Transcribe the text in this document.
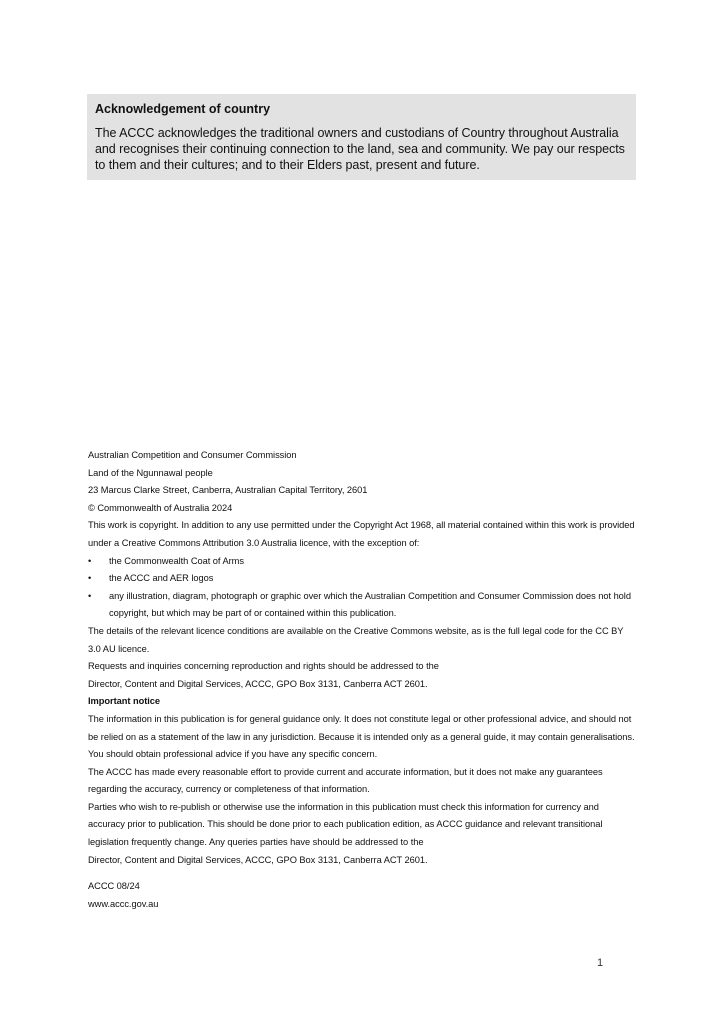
Acknowledgement of country

The ACCC acknowledges the traditional owners and custodians of Country throughout Australia and recognises their continuing connection to the land, sea and community. We pay our respects to them and their cultures; and to their Elders past, present and future.

Australian Competition and Consumer Commission

Land of the Ngunnawal people

23 Marcus Clarke Street, Canberra, Australian Capital Territory, 2601

© Commonwealth of Australia 2024

This work is copyright. In addition to any use permitted under the Copyright Act 1968, all material contained within this work is provided under a Creative Commons Attribution 3.0 Australia licence, with the exception of:

• the Commonwealth Coat of Arms
• the ACCC and AER logos
• any illustration, diagram, photograph or graphic over which the Australian Competition and Consumer Commission does not hold copyright, but which may be part of or contained within this publication.

The details of the relevant licence conditions are available on the Creative Commons website, as is the full legal code for the CC BY 3.0 AU licence.

Requests and inquiries concerning reproduction and rights should be addressed to the

Director, Content and Digital Services, ACCC, GPO Box 3131, Canberra ACT 2601.

Important notice

The information in this publication is for general guidance only. It does not constitute legal or other professional advice, and should not be relied on as a statement of the law in any jurisdiction. Because it is intended only as a general guide, it may contain generalisations. You should obtain professional advice if you have any specific concern.

The ACCC has made every reasonable effort to provide current and accurate information, but it does not make any guarantees regarding the accuracy, currency or completeness of that information.

Parties who wish to re-publish or otherwise use the information in this publication must check this information for currency and accuracy prior to publication. This should be done prior to each publication edition, as ACCC guidance and relevant transitional legislation frequently change. Any queries parties have should be addressed to the

Director, Content and Digital Services, ACCC, GPO Box 3131, Canberra ACT 2601.

ACCC 08/24

www.accc.gov.au

1
